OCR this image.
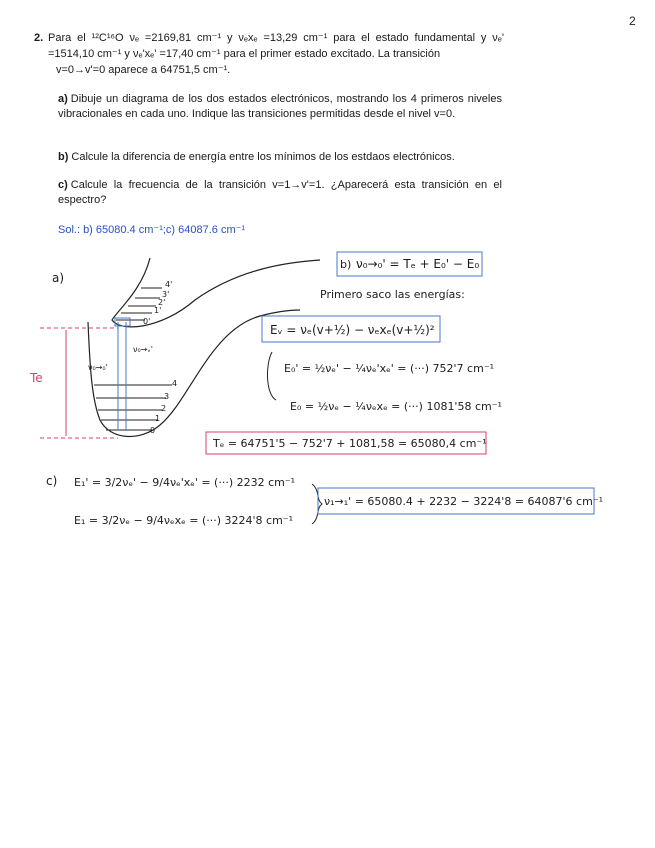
2
2. Para el ¹²C¹⁶O νₑ =2169,81 cm⁻¹ y νₑxₑ =13,29 cm⁻¹ para el estado fundamental y νₑ' =1514,10 cm⁻¹ y νₑ'xₑ' =17,40 cm⁻¹ para el primer estado excitado. La transición
v=0→v'=0 aparece a 64751,5 cm⁻¹.
a) Dibuje un diagrama de los dos estados electrónicos, mostrando los 4 primeros niveles vibracionales en cada uno. Indique las transiciones permitidas desde el nivel v=0.
b) Calcule la diferencia de energía entre los mínimos de los estdaos electrónicos.
c) Calcule la frecuencia de la transición v=1→v'=1. ¿Aparecerá esta transición en el espectro?
Sol.: b) 65080.4 cm⁻¹;c) 64087.6 cm⁻¹
a)	4'
3'
2'
1'
0'
4
3
2
1
0
ν₀→₀'
ν₀→ᵥ'
Te
b) ν₀→₀' = Tₑ + E₀' − E₀
Primero saco las energías:
Eᵥ = νₑ(v+½) − νₑxₑ(v+½)²
E₀' = ½νₑ' − ¼νₑ'xₑ' = (···) 752'7 cm⁻¹
E₀ = ½νₑ − ¼νₑxₑ = (···) 1081'58 cm⁻¹
Tₑ = 64751'5 − 752'7 + 1081,58 = 65080,4 cm⁻¹
c) E₁' = 3/2νₑ' − 9/4νₑ'xₑ' = (···) 2232 cm⁻¹
E₁ = 3/2νₑ − 9/4νₑxₑ = (···) 3224'8 cm⁻¹
ν₁→₁' = 65080.4 + 2232 − 3224'8 = 64087'6 cm⁻¹
